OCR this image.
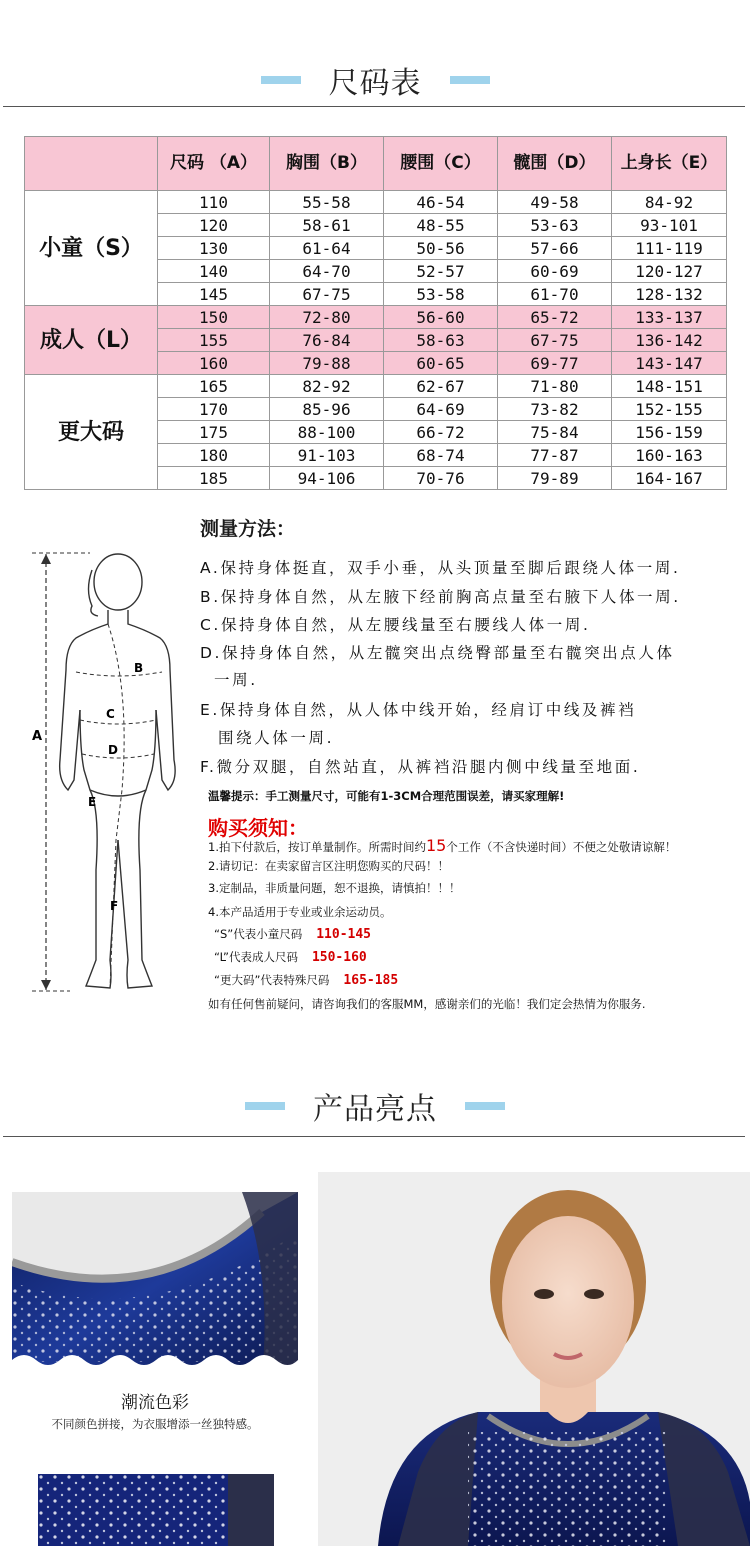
尺码表
	尺码 （A）	胸围（B）	腰围（C）	髋围（D）	上身长（E）
小童（S）	110	55-58	46-54	49-58	84-92
	120	58-61	48-55	53-63	93-101
	130	61-64	50-56	57-66	111-119
	140	64-70	52-57	60-69	120-127
	145	67-75	53-58	61-70	128-132
成人（L）	150	72-80	56-60	65-72	133-137
	155	76-84	58-63	67-75	136-142
	160	79-88	60-65	69-77	143-147
更大码	165	82-92	62-67	71-80	148-151
	170	85-96	64-69	73-82	152-155
	175	88-100	66-72	75-84	156-159
	180	91-103	68-74	77-87	160-163
	185	94-106	70-76	79-89	164-167
B
C
D
E
F
A
测量方法：
A.保持身体挺直，双手小垂，从头顶量至脚后跟绕人体一周.
B.保持身体自然，从左腋下经前胸高点量至右腋下人体一周.
C.保持身体自然，从左腰线量至右腰线人体一周.
D.保持身体自然，从左髋突出点绕臀部量至右髋突出点人体
一周.
E.保持身体自然，从人体中线开始，经肩订中线及裤裆
围绕人体一周.
F.微分双腿，自然站直，从裤裆沿腿内侧中线量至地面.
温馨提示：手工测量尺寸，可能有1-3CM合理范围误差，请买家理解!
购买须知：
1.拍下付款后，按订单量制作。所需时间约15个工作（不含快递时间）不便之处敬请谅解！
2.请切记：在卖家留言区注明您购买的尺码！！
3.定制品，非质量问题，恕不退换，请慎拍！！！
4.本产品适用于专业或业余运动员。
“S”代表小童尺码 110-145
“L”代表成人尺码 150-160
“更大码”代表特殊尺码 165-185
如有任何售前疑问，请咨询我们的客服MM，感谢亲们的光临！我们定会热情为你服务.
产品亮点
潮流色彩
不同颜色拼接，为衣服增添一丝独特感。
